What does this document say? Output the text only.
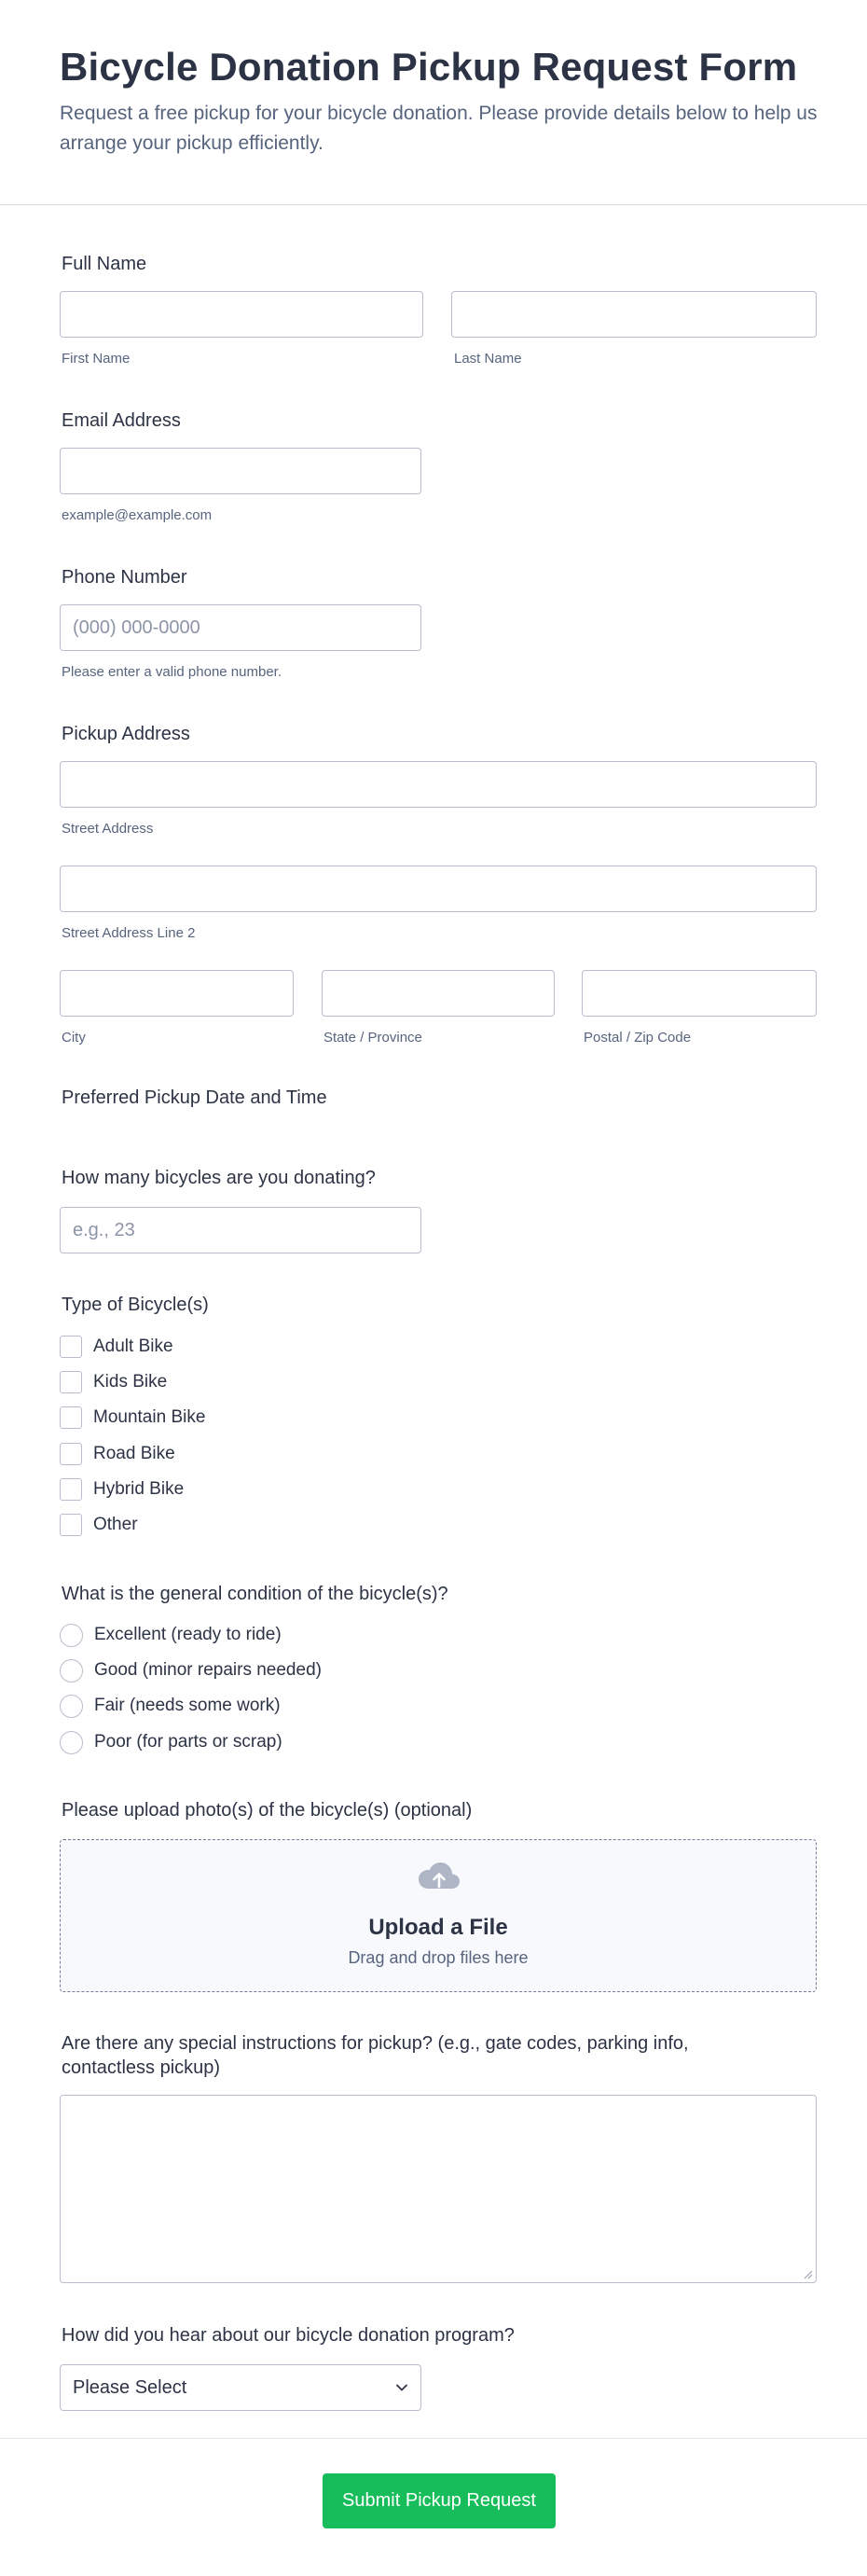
Bicycle Donation Pickup Request Form
Request a free pickup for your bicycle donation. Please provide details below to help us arrange your pickup efficiently.
Full Name
First Name	Last Name
Email Address
example@example.com
Phone Number
(000) 000-0000
Please enter a valid phone number.
Pickup Address
Street Address
Street Address Line 2
City	State / Province	Postal / Zip Code
Preferred Pickup Date and Time
How many bicycles are you donating?
e.g., 23
Type of Bicycle(s)
Adult Bike
Kids Bike
Mountain Bike
Road Bike
Hybrid Bike
Other
What is the general condition of the bicycle(s)?
Excellent (ready to ride)
Good (minor repairs needed)
Fair (needs some work)
Poor (for parts or scrap)
Please upload photo(s) of the bicycle(s) (optional)
Upload a File
Drag and drop files here
Are there any special instructions for pickup? (e.g., gate codes, parking info,
contactless pickup)
How did you hear about our bicycle donation program?
Please Select
Submit Pickup Request
